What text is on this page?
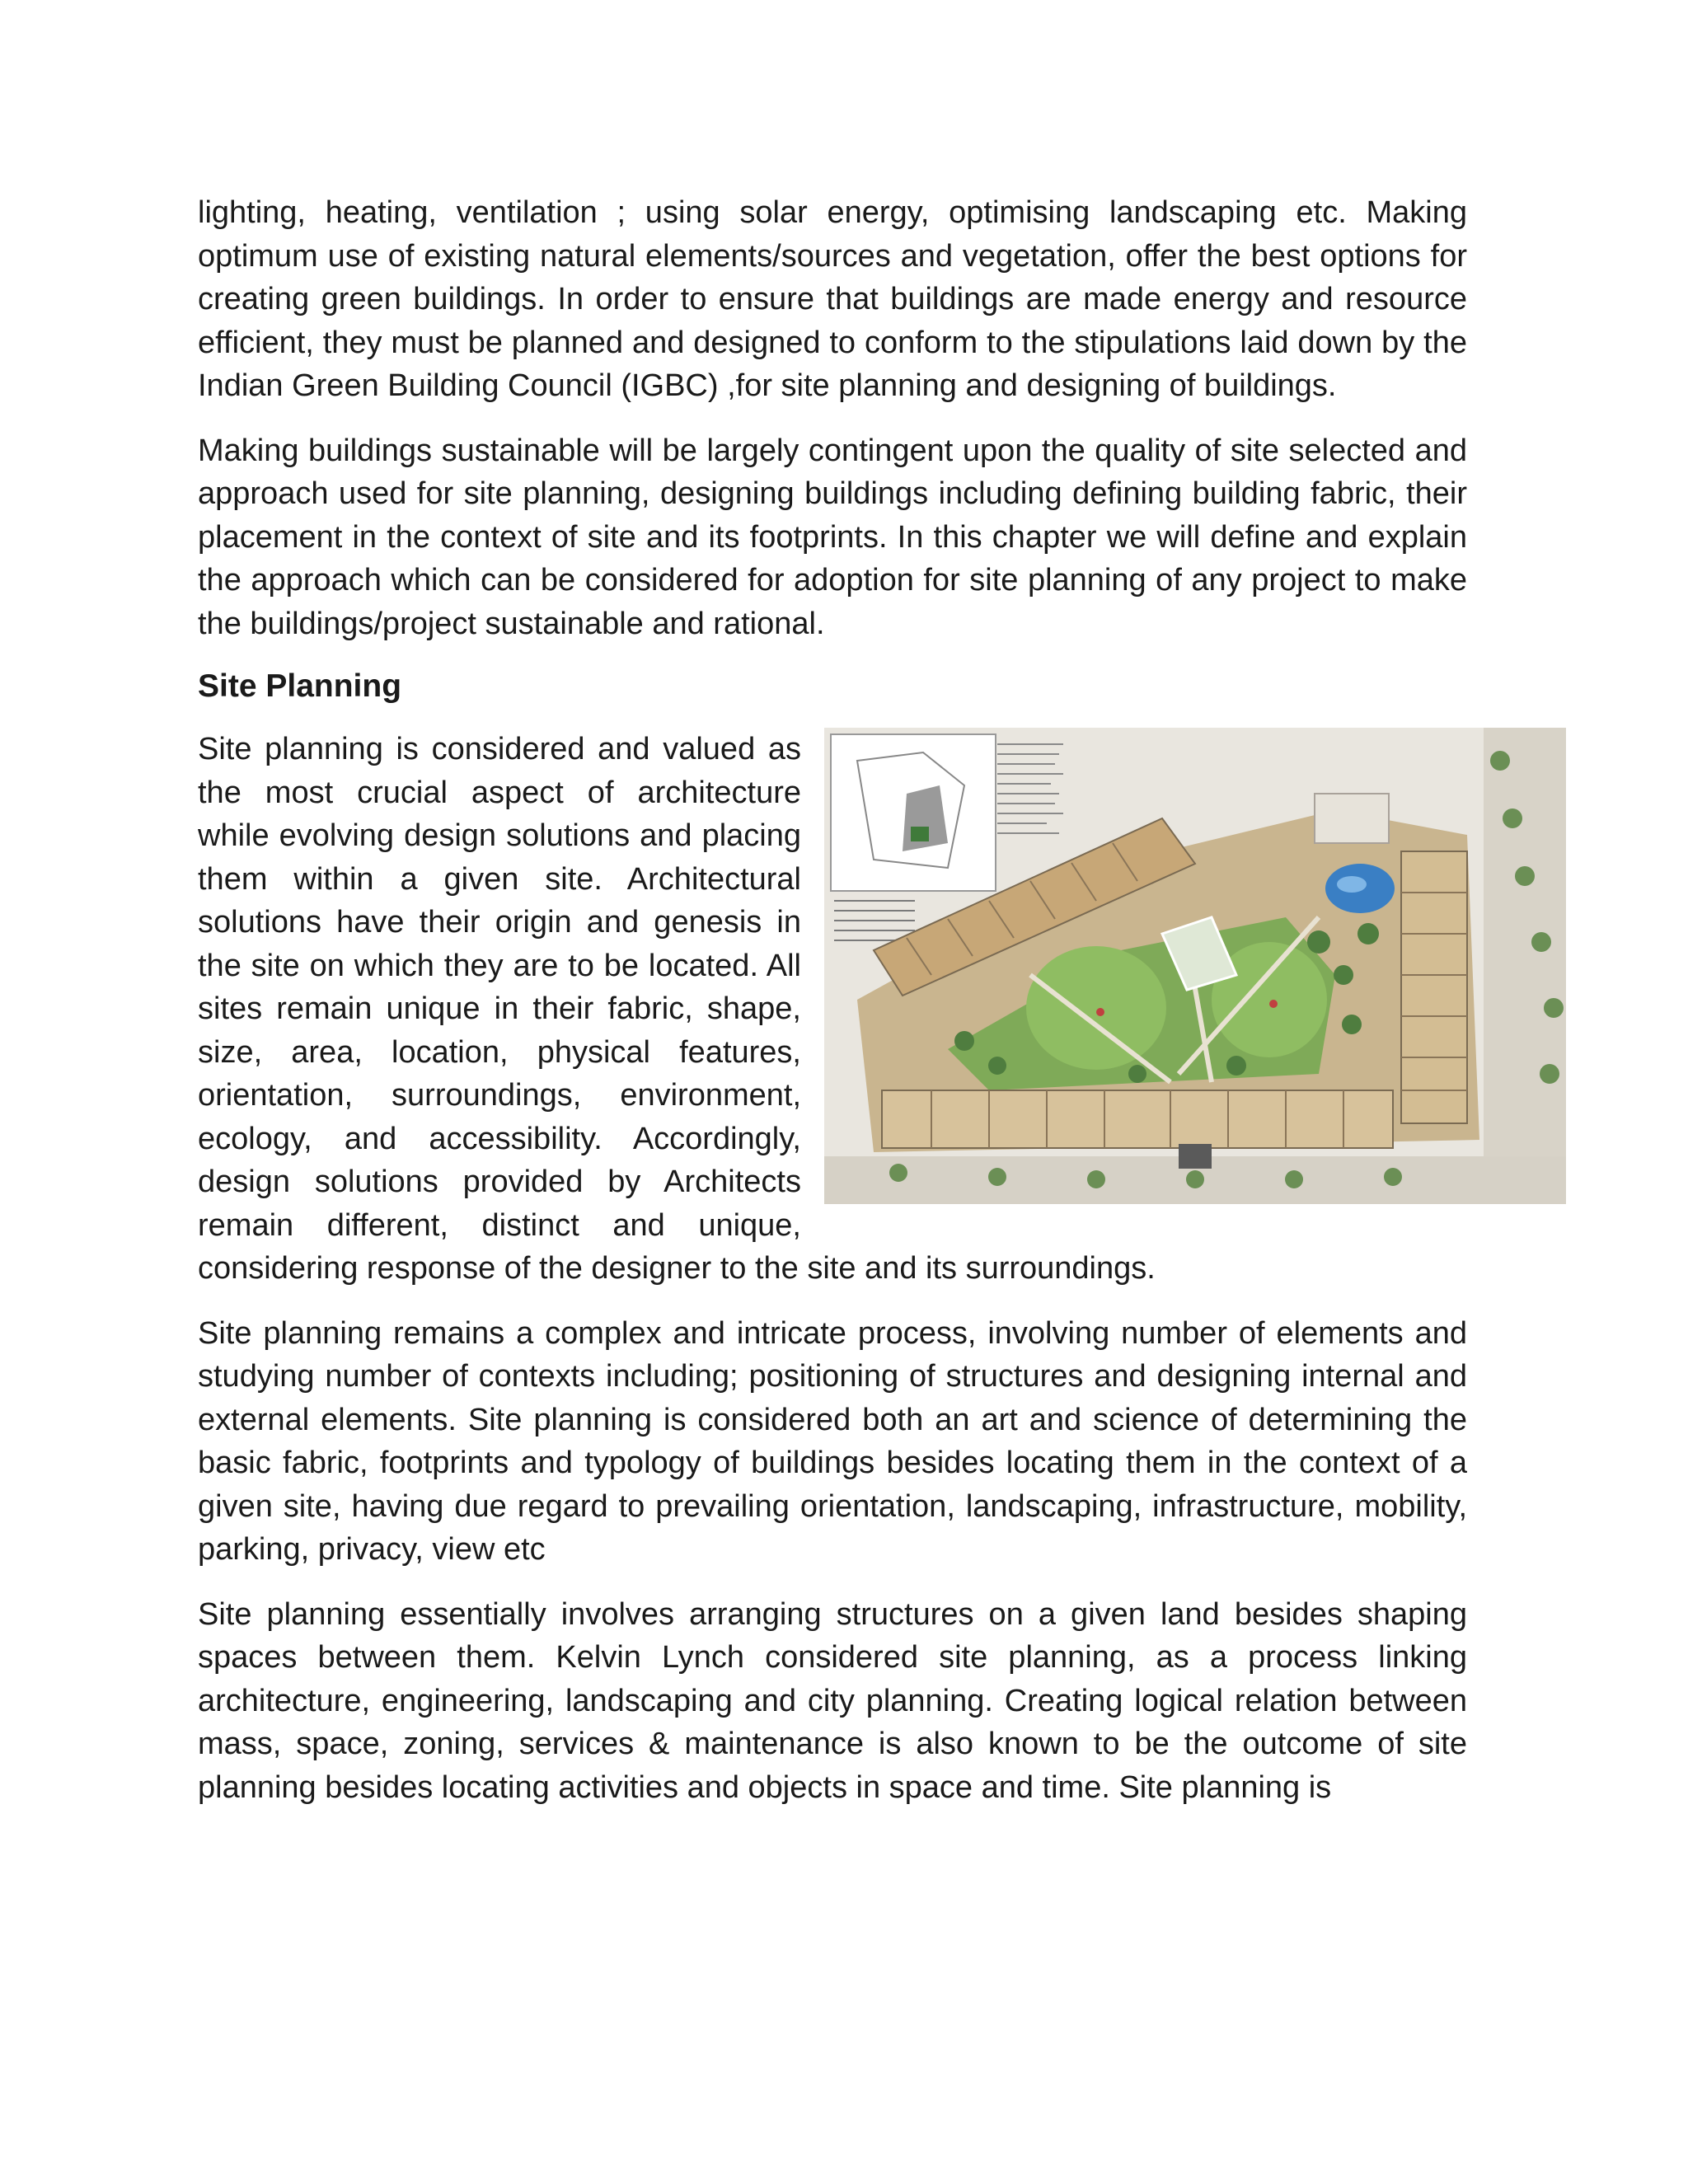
lighting, heating, ventilation ; using solar energy, optimising landscaping etc. Making optimum use of existing natural elements/sources and vegetation, offer the best options for creating green buildings. In order to ensure that buildings are made energy and resource efficient, they must be planned and designed to conform to the stipulations laid down by the Indian Green Building Council (IGBC) ,for site planning and designing of buildings.

Making buildings sustainable will be largely contingent upon the quality of site selected and approach used for site planning, designing buildings including defining building fabric, their placement in the context of site and its footprints. In this chapter we will define and explain the approach which can be considered for adoption for site planning of any project to make the buildings/project sustainable and rational.

Site Planning

Site planning is considered and valued as the most crucial aspect of architecture while evolving design solutions and placing them within a given site. Architectural solutions have their origin and genesis in the site on which they are to be located. All sites remain unique in their fabric, shape, size, area, location, physical features, orientation, surroundings, environment, ecology, and accessibility. Accordingly, design solutions provided by Architects remain different, distinct and unique, considering response of the designer to the site and its surroundings.

Site planning remains a complex and intricate process, involving number of elements and studying number of contexts including; positioning of structures and designing internal and external elements. Site planning is considered both an art and science of determining the basic fabric, footprints and typology of buildings besides locating them in the context of a given site, having due regard to prevailing orientation, landscaping, infrastructure, mobility, parking, privacy, view etc

Site planning essentially involves arranging structures on a given land besides shaping spaces between them. Kelvin Lynch considered site planning, as a process linking architecture, engineering, landscaping and city planning. Creating logical relation between mass, space, zoning, services & maintenance is also known to be the outcome of site planning besides locating activities and objects in space and time. Site planning is
